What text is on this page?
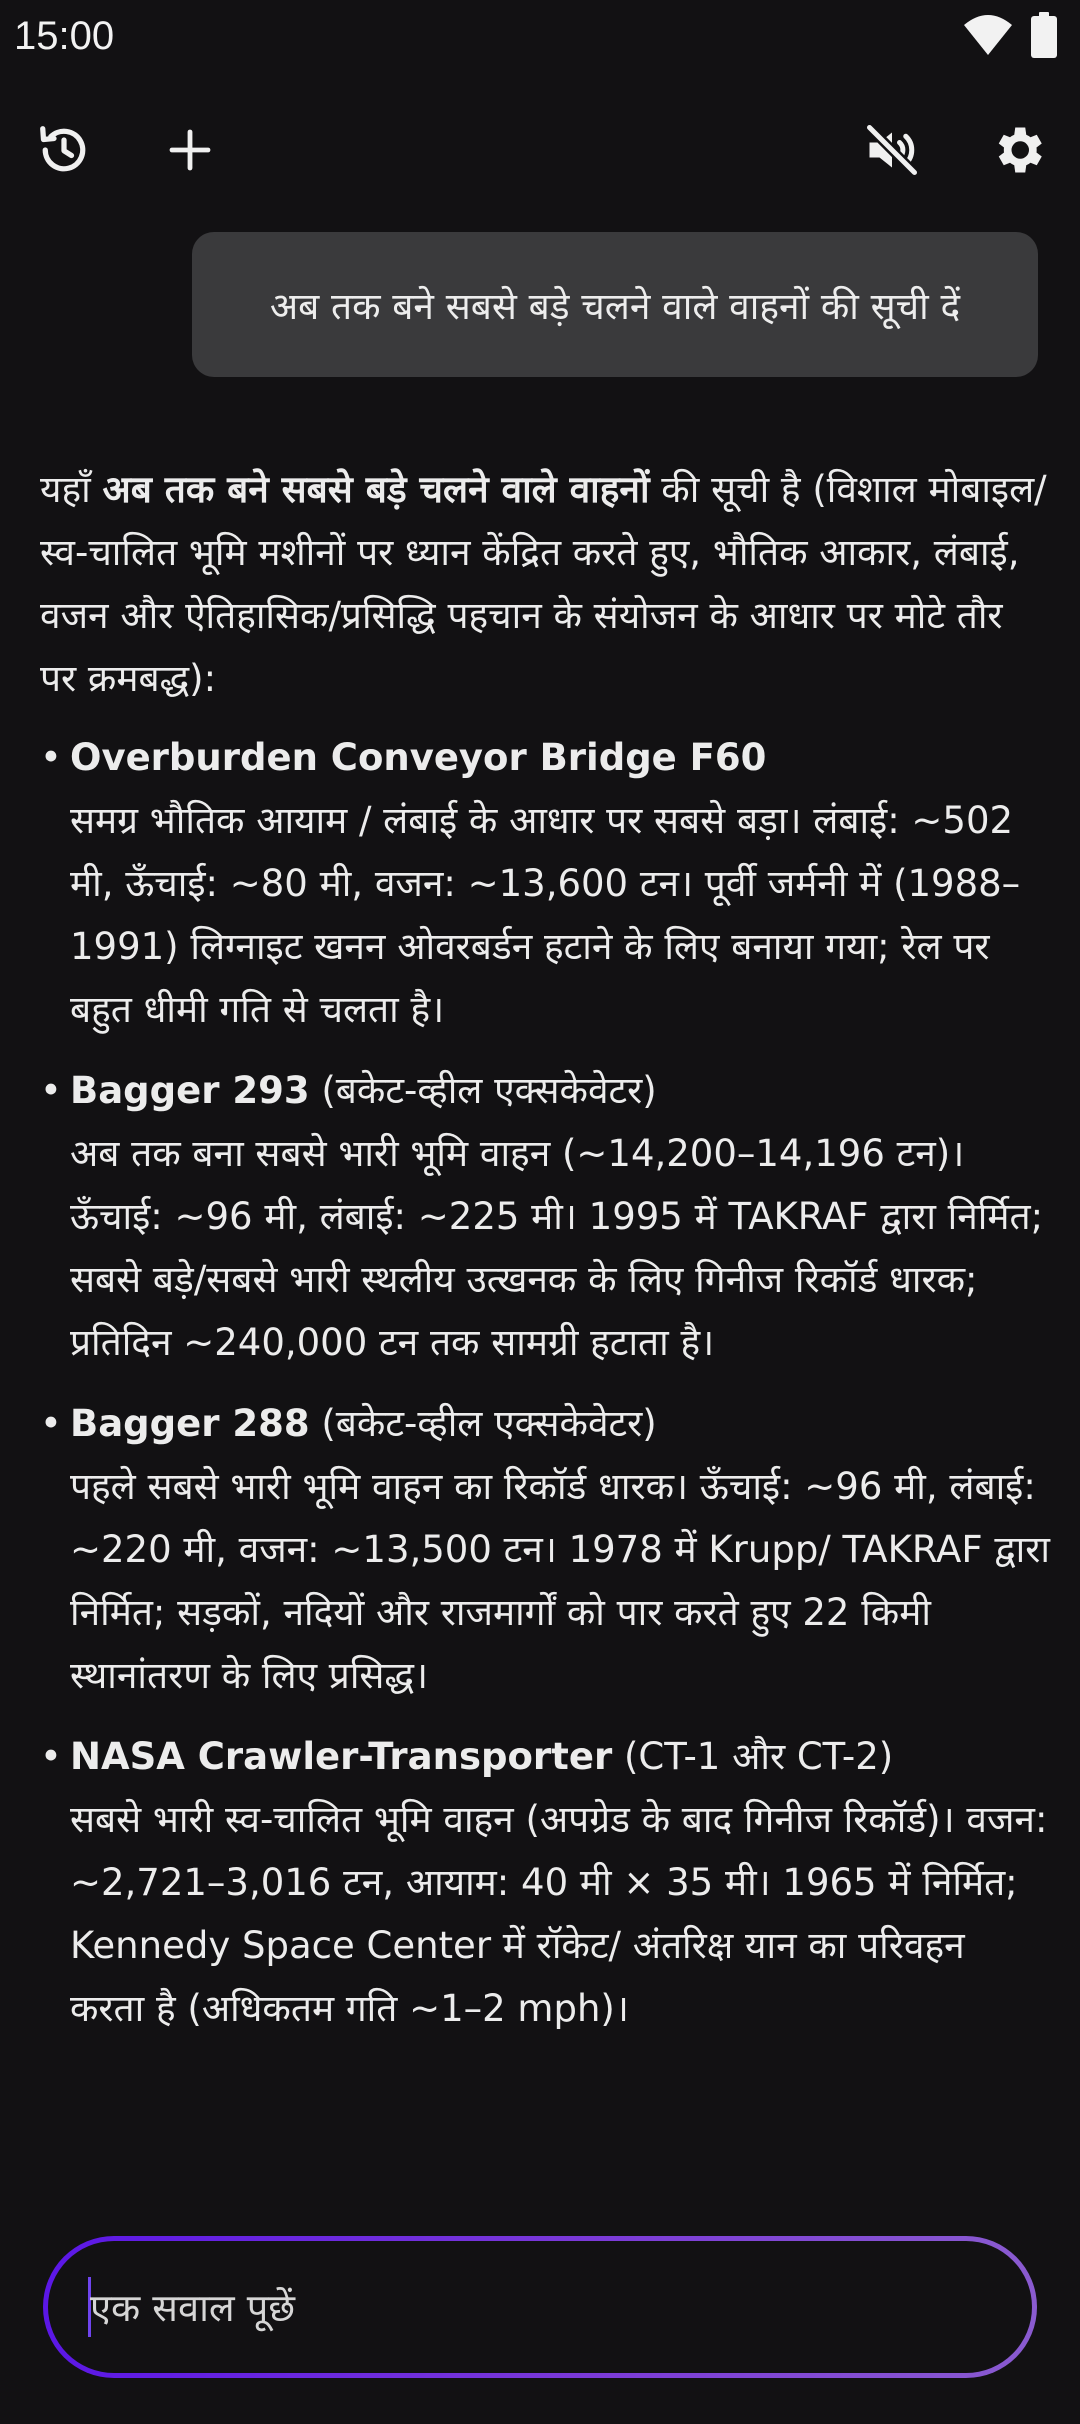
15:00
अब तक बने सबसे बड़े चलने वाले वाहनों की सूची दें

यहाँ अब तक बने सबसे बड़े चलने वाले वाहनों की सूची है (विशाल मोबाइल/स्व-चालित भूमि मशीनों पर ध्यान केंद्रित करते हुए, भौतिक आकार, लंबाई, वजन और ऐतिहासिक/प्रसिद्धि पहचान के संयोजन के आधार पर मोटे तौर पर क्रमबद्ध):

• Overburden Conveyor Bridge F60
समग्र भौतिक आयाम / लंबाई के आधार पर सबसे बड़ा। लंबाई: ~502 मी, ऊँचाई: ~80 मी, वजन: ~13,600 टन। पूर्वी जर्मनी में (1988–1991) लिग्नाइट खनन ओवरबर्डन हटाने के लिए बनाया गया; रेल पर बहुत धीमी गति से चलता है।
• Bagger 293 (बकेट-व्हील एक्सकेवेटर)
अब तक बना सबसे भारी भूमि वाहन (~14,200–14,196 टन)। ऊँचाई: ~96 मी, लंबाई: ~225 मी। 1995 में TAKRAF द्वारा निर्मित; सबसे बड़े/सबसे भारी स्थलीय उत्खनक के लिए गिनीज रिकॉर्ड धारक; प्रतिदिन ~240,000 टन तक सामग्री हटाता है।
• Bagger 288 (बकेट-व्हील एक्सकेवेटर)
पहले सबसे भारी भूमि वाहन का रिकॉर्ड धारक। ऊँचाई: ~96 मी, लंबाई: ~220 मी, वजन: ~13,500 टन। 1978 में Krupp/ TAKRAF द्वारा निर्मित; सड़कों, नदियों और राजमार्गों को पार करते हुए 22 किमी स्थानांतरण के लिए प्रसिद्ध।
• NASA Crawler-Transporter (CT-1 और CT-2)
सबसे भारी स्व-चालित भूमि वाहन (अपग्रेड के बाद गिनीज रिकॉर्ड)। वजन: ~2,721–3,016 टन, आयाम: 40 मी × 35 मी। 1965 में निर्मित; Kennedy Space Center में रॉकेट/ अंतरिक्ष यान का परिवहन करता है (अधिकतम गति ~1–2 mph)।
एक सवाल पूछें
